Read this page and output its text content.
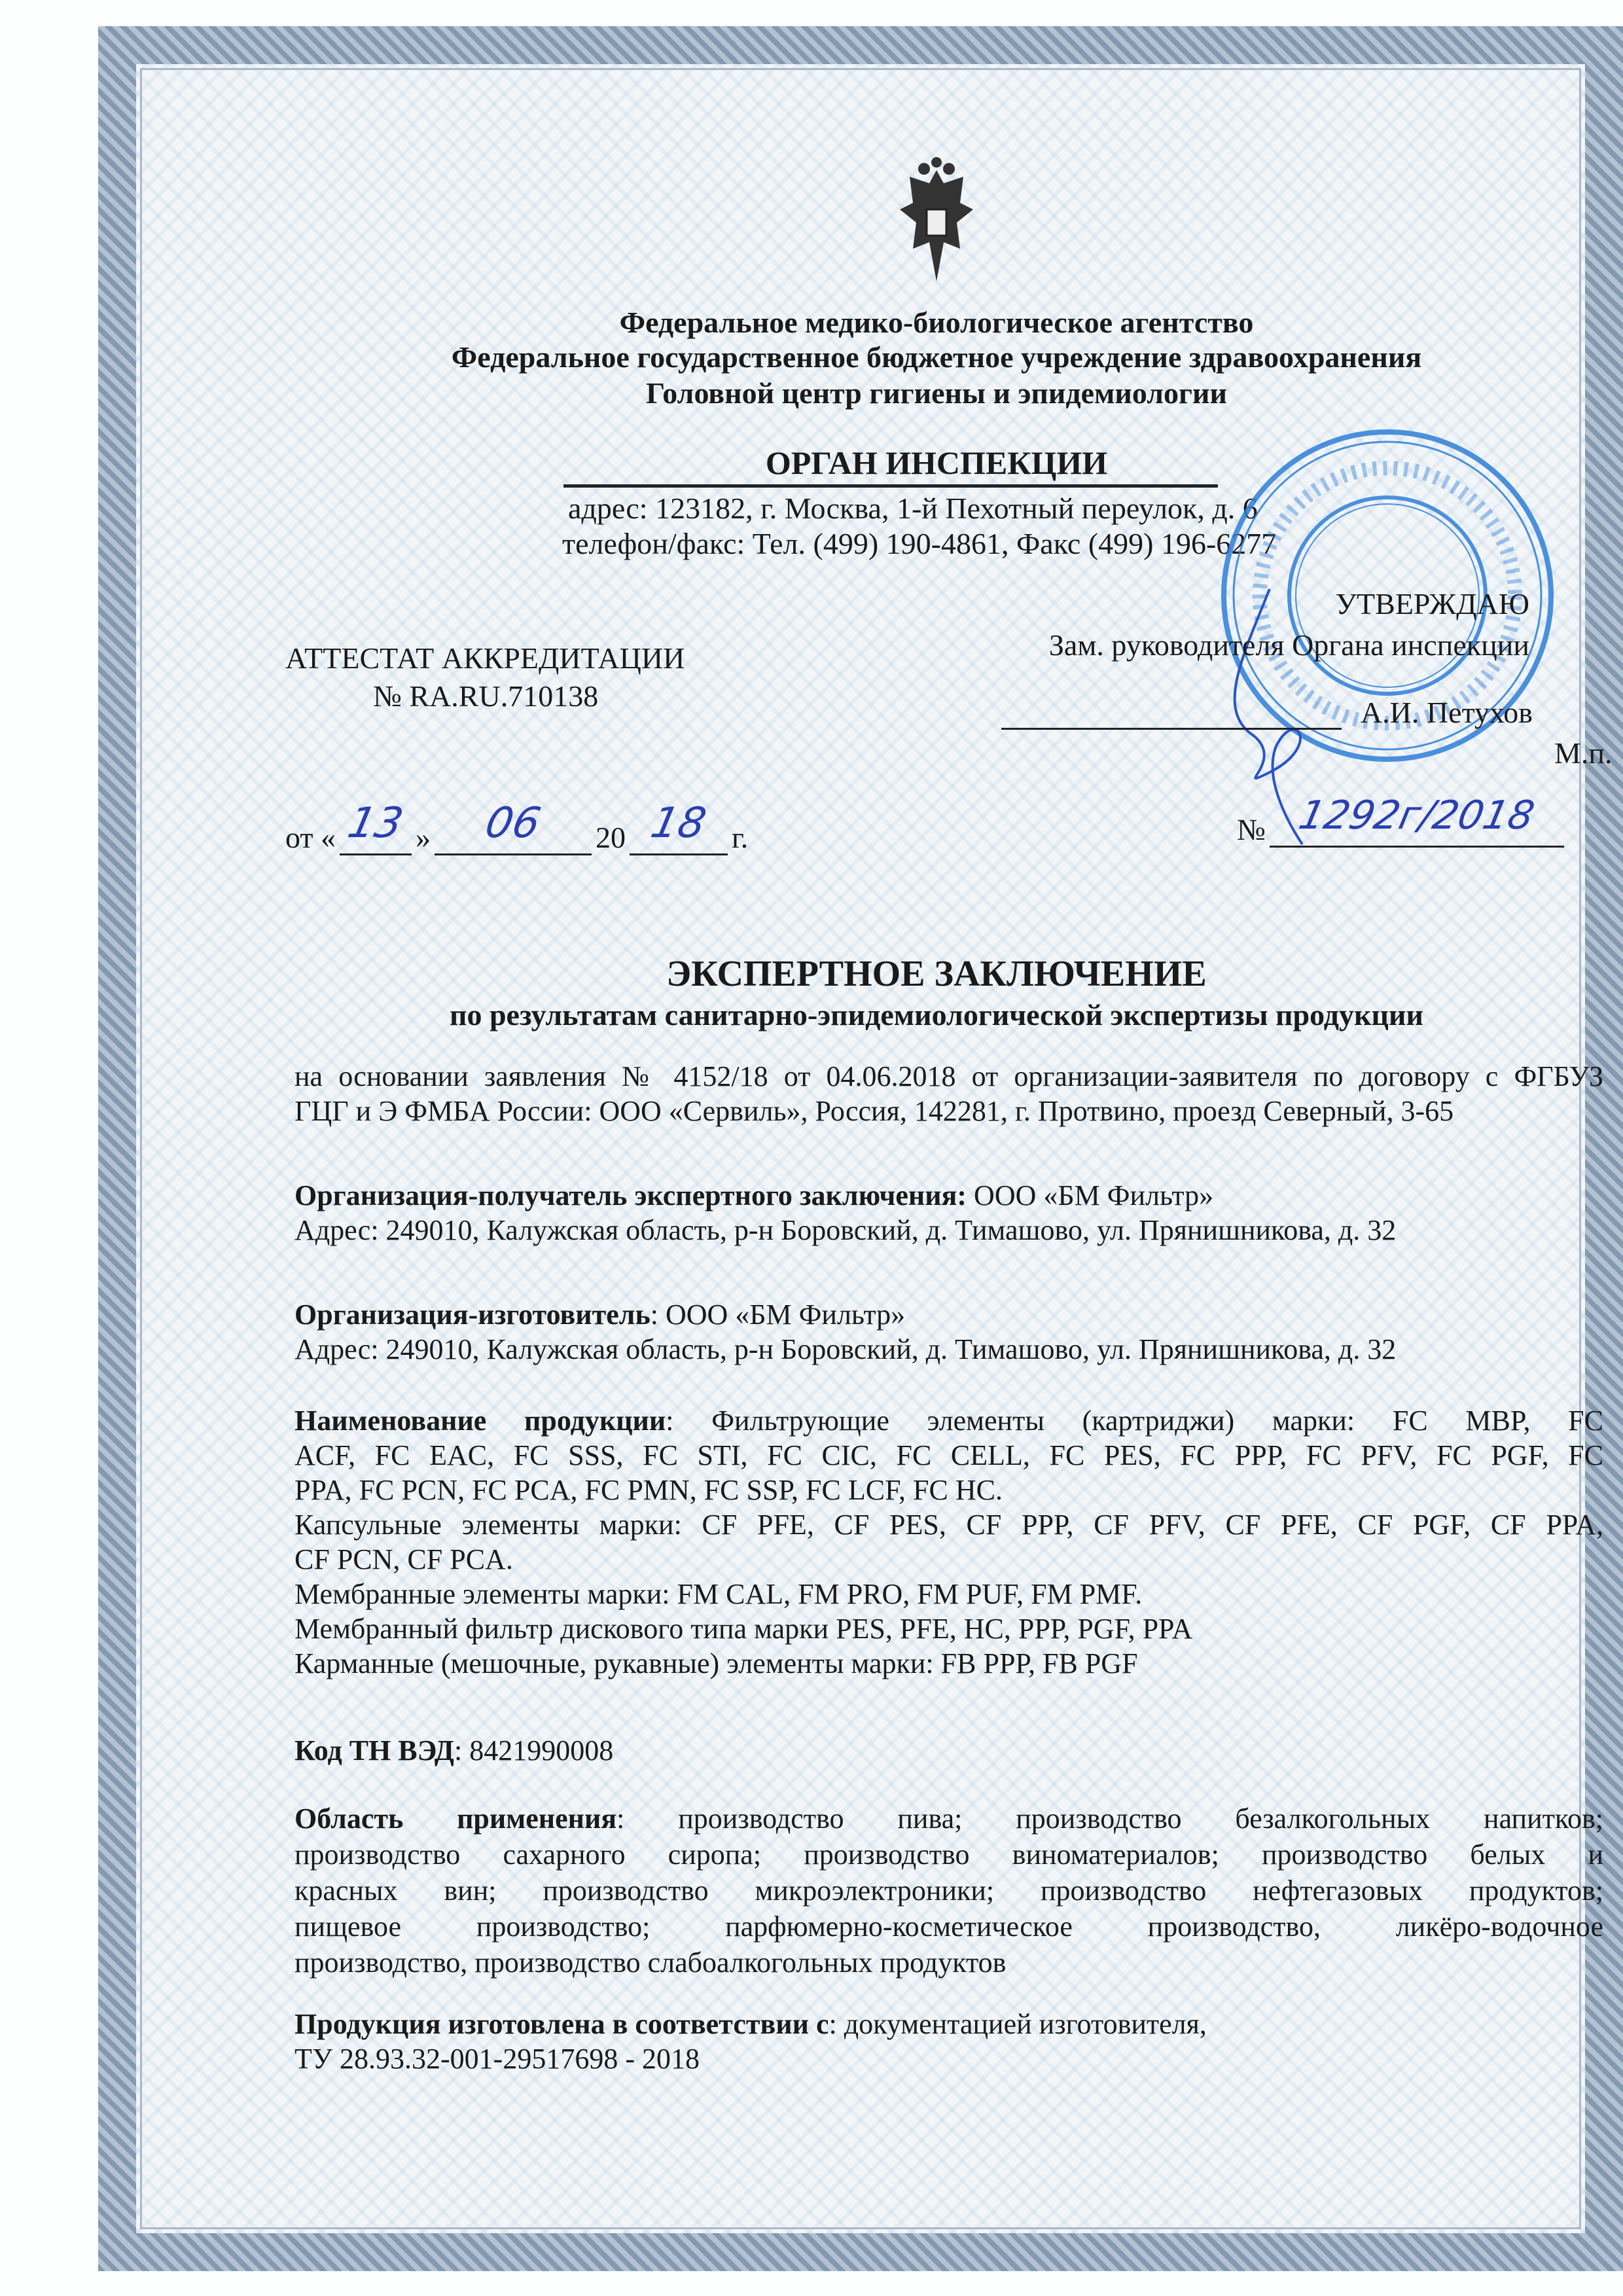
Федеральное медико-биологическое агентство
Федеральное государственное бюджетное учреждение здравоохранения
Головной центр гигиены и эпидемиологии
ОРГАН ИНСПЕКЦИИ
адрес: 123182, г. Москва, 1-й Пехотный переулок, д. 6
телефон/факс: Тел. (499) 190-4861, Факс (499) 196-6277
УТВЕРЖДАЮ
Зам. руководителя Органа инспекции
А.И. Петухов
М.п.
АТТЕСТАТ АККРЕДИТАЦИИ
№ RA.RU.710138
от « 13 »	06	20 18 г.	№ 1292г/2018
ЭКСПЕРТНОЕ ЗАКЛЮЧЕНИЕ
по результатам санитарно-эпидемиологической экспертизы продукции
на основании заявления № 4152/18 от 04.06.2018 от организации-заявителя по договору с ФГБУЗ
ГЦГ и Э ФМБА России: ООО «Сервиль», Россия, 142281, г. Протвино, проезд Северный, 3-65
Организация-получатель экспертного заключения: ООО «БМ Фильтр»
Адрес: 249010, Калужская область, р-н Боровский, д. Тимашово, ул. Прянишникова, д. 32
Организация-изготовитель: ООО «БМ Фильтр»
Адрес: 249010, Калужская область, р-н Боровский, д. Тимашово, ул. Прянишникова, д. 32
Наименование продукции: Фильтрующие элементы (картриджи) марки: FC MBP, FC
ACF, FC EAC, FC SSS, FC STI, FC CIC, FC CELL, FC PES, FC PPP, FC PFV, FC PGF, FC
PPA, FC PCN, FC PCA, FC PMN, FC SSP, FC LCF, FC HC.
Капсульные элементы марки: CF PFE, CF PES, CF PPP, CF PFV, CF PFE, CF PGF, CF PPA,
CF PCN, CF PCA.
Мембранные элементы марки: FM CAL, FM PRO, FM PUF, FM PMF.
Мембранный фильтр дискового типа марки PES, PFE, HC, PPP, PGF, PPA
Карманные (мешочные, рукавные) элементы марки: FB PPP, FB PGF
Код ТН ВЭД: 8421990008
Область применения: производство пива; производство безалкогольных напитков;
производство сахарного сиропа; производство виноматериалов; производство белых и
красных вин; производство микроэлектроники; производство нефтегазовых продуктов;
пищевое производство; парфюмерно-косметическое производство, ликёро-водочное
производство, производство слабоалкогольных продуктов
Продукция изготовлена в соответствии с: документацией изготовителя,
ТУ 28.93.32-001-29517698 - 2018
